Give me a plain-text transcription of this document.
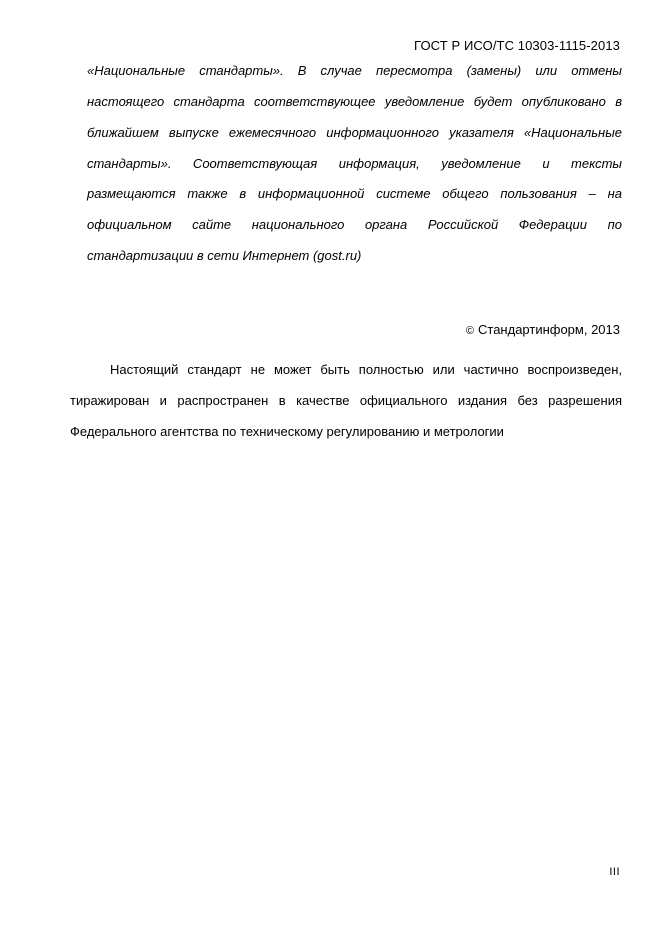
ГОСТ Р ИСО/ТС 10303-1115-2013
«Национальные стандарты». В случае пересмотра (замены) или отмены
настоящего стандарта соответствующее уведомление будет опубликовано в
ближайшем выпуске ежемесячного информационного указателя «Национальные
стандарты». Соответствующая информация, уведомление и тексты
размещаются также в информационной системе общего пользования – на
официальном сайте национального органа Российской Федерации по
стандартизации в сети Интернет (gost.ru)
© Стандартинформ, 2013
Настоящий стандарт не может быть полностью или частично воспроизведен,
тиражирован и распространен в качестве официального издания без разрешения
Федерального агентства по техническому регулированию и метрологии
III
